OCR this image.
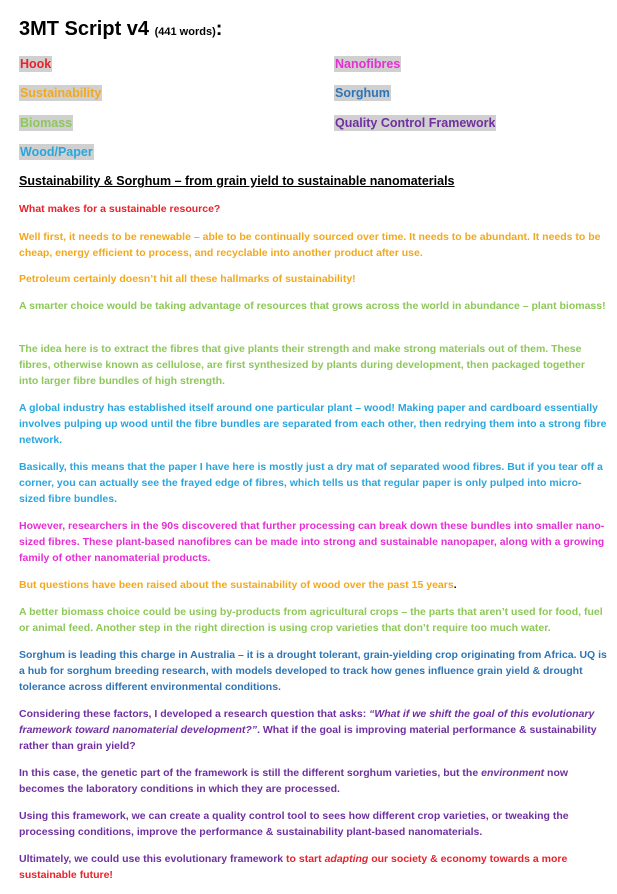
3MT Script v4 (441 words):
Hook	Nanofibres
Sustainability	Sorghum
Biomass	Quality Control Framework
Wood/Paper
Sustainability & Sorghum – from grain yield to sustainable nanomaterials

What makes for a sustainable resource?

Well first, it needs to be renewable – able to be continually sourced over time. It needs to be abundant. It needs to be cheap, energy efficient to process, and recyclable into another product after use.

Petroleum certainly doesn’t hit all these hallmarks of sustainability!

A smarter choice would be taking advantage of resources that grows across the world in abundance – plant biomass!

The idea here is to extract the fibres that give plants their strength and make strong materials out of them. These fibres, otherwise known as cellulose, are first synthesized by plants during development, then packaged together into larger fibre bundles of high strength.

A global industry has established itself around one particular plant – wood! Making paper and cardboard essentially involves pulping up wood until the fibre bundles are separated from each other, then redrying them into a strong fibre network.

Basically, this means that the paper I have here is mostly just a dry mat of separated wood fibres. But if you tear off a corner, you can actually see the frayed edge of fibres, which tells us that regular paper is only pulped into micro-sized fibre bundles.

However, researchers in the 90s discovered that further processing can break down these bundles into smaller nano-sized fibres. These plant-based nanofibres can be made into strong and sustainable nanopaper, along with a growing family of other nanomaterial products.

But questions have been raised about the sustainability of wood over the past 15 years.

A better biomass choice could be using by-products from agricultural crops – the parts that aren’t used for food, fuel or animal feed. Another step in the right direction is using crop varieties that don’t require too much water.

Sorghum is leading this charge in Australia – it is a drought tolerant, grain-yielding crop originating from Africa. UQ is a hub for sorghum breeding research, with models developed to track how genes influence grain yield & drought tolerance across different environmental conditions.

Considering these factors, I developed a research question that asks: “What if we shift the goal of this evolutionary framework toward nanomaterial development?”. What if the goal is improving material performance & sustainability rather than grain yield?

In this case, the genetic part of the framework is still the different sorghum varieties, but the environment now becomes the laboratory conditions in which they are processed.

Using this framework, we can create a quality control tool to sees how different crop varieties, or tweaking the processing conditions, improve the performance & sustainability plant-based nanomaterials.

Ultimately, we could use this evolutionary framework to start adapting our society & economy towards a more sustainable future!
